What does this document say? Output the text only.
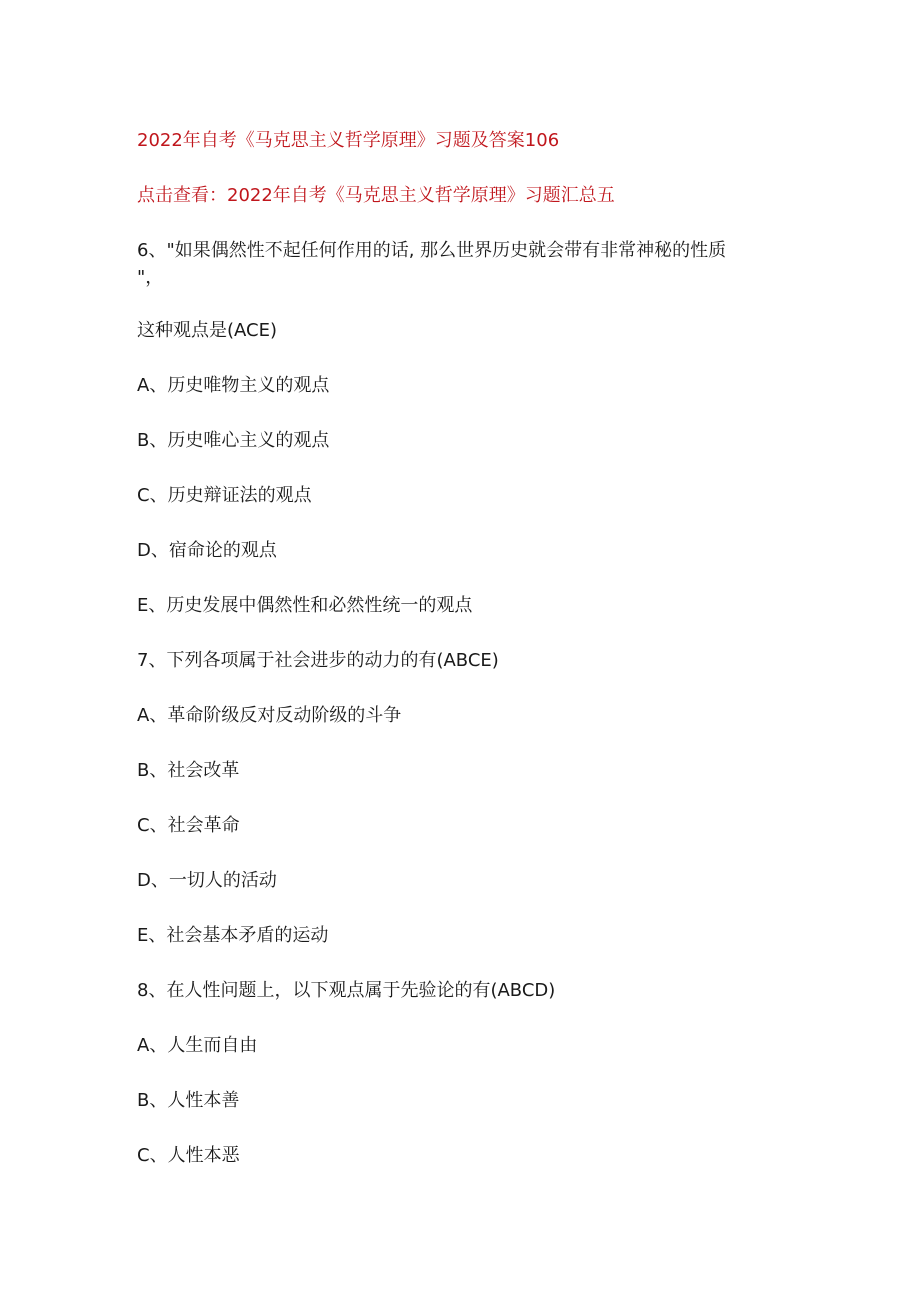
2022年自考《马克思主义哲学原理》习题及答案106
点击查看：2022年自考《马克思主义哲学原理》习题汇总五
6、"如果偶然性不起任何作用的话, 那么世界历史就会带有非常神秘的性质
"，
这种观点是(ACE)
A、历史唯物主义的观点
B、历史唯心主义的观点
C、历史辩证法的观点
D、宿命论的观点
E、历史发展中偶然性和必然性统一的观点
7、下列各项属于社会进步的动力的有(ABCE)
A、革命阶级反对反动阶级的斗争
B、社会改革
C、社会革命
D、一切人的活动
E、社会基本矛盾的运动
8、在人性问题上，以下观点属于先验论的有(ABCD)
A、人生而自由
B、人性本善
C、人性本恶
